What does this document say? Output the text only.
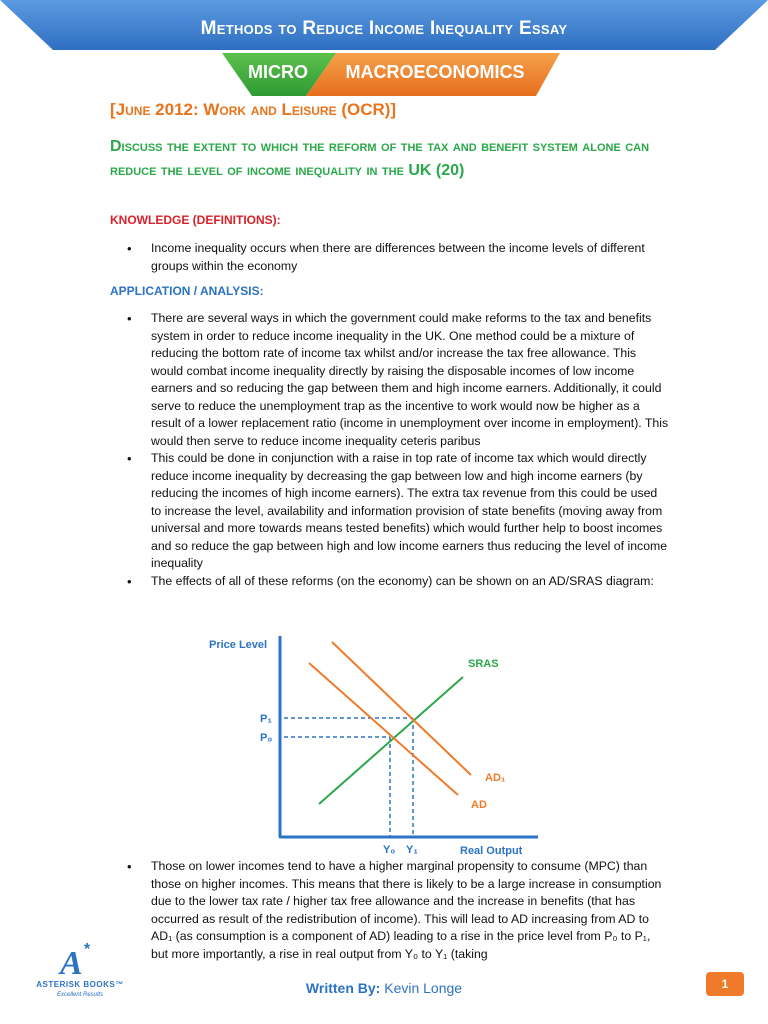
Methods to Reduce Income Inequality Essay
MICRO	MACROECONOMICS
[June 2012: Work and Leisure (OCR)]
Discuss the extent to which the reform of the tax and benefit system alone can reduce the level of income inequality in the UK (20)
KNOWLEDGE (DEFINITIONS):
• Income inequality occurs when there are differences between the income levels of different groups within the economy
APPLICATION / ANALYSIS:
• There are several ways in which the government could make reforms to the tax and benefits system in order to reduce income inequality in the UK. One method could be a mixture of reducing the bottom rate of income tax whilst and/or increase the tax free allowance. This would combat income inequality directly by raising the disposable incomes of low income earners and so reducing the gap between them and high income earners. Additionally, it could serve to reduce the unemployment trap as the incentive to work would now be higher as a result of a lower replacement ratio (income in unemployment over income in employment). This would then serve to reduce income inequality ceteris paribus
• This could be done in conjunction with a raise in top rate of income tax which would directly reduce income inequality by decreasing the gap between low and high income earners (by reducing the incomes of high income earners). The extra tax revenue from this could be used to increase the level, availability and information provision of state benefits (moving away from universal and more towards means tested benefits) which would further help to boost incomes and so reduce the gap between high and low income earners thus reducing the level of income inequality
• The effects of all of these reforms (on the economy) can be shown on an AD/SRAS diagram:
Price Level
Real Output
SRAS
AD
AD₁
P₁
P₀
Y₀ Y₁
• Those on lower incomes tend to have a higher marginal propensity to consume (MPC) than those on higher incomes. This means that there is likely to be a large increase in consumption due to the lower tax rate / higher tax free allowance and the increase in benefits (that has occurred as result of the redistribution of income). This will lead to AD increasing from AD to AD₁ (as consumption is a component of AD) leading to a rise in the price level from P₀ to P₁, but more importantly, a rise in real output from Y₀ to Y₁ (taking
A *
ASTERISK BOOKS™
Excellent Results	Written By: Kevin Longe	1
